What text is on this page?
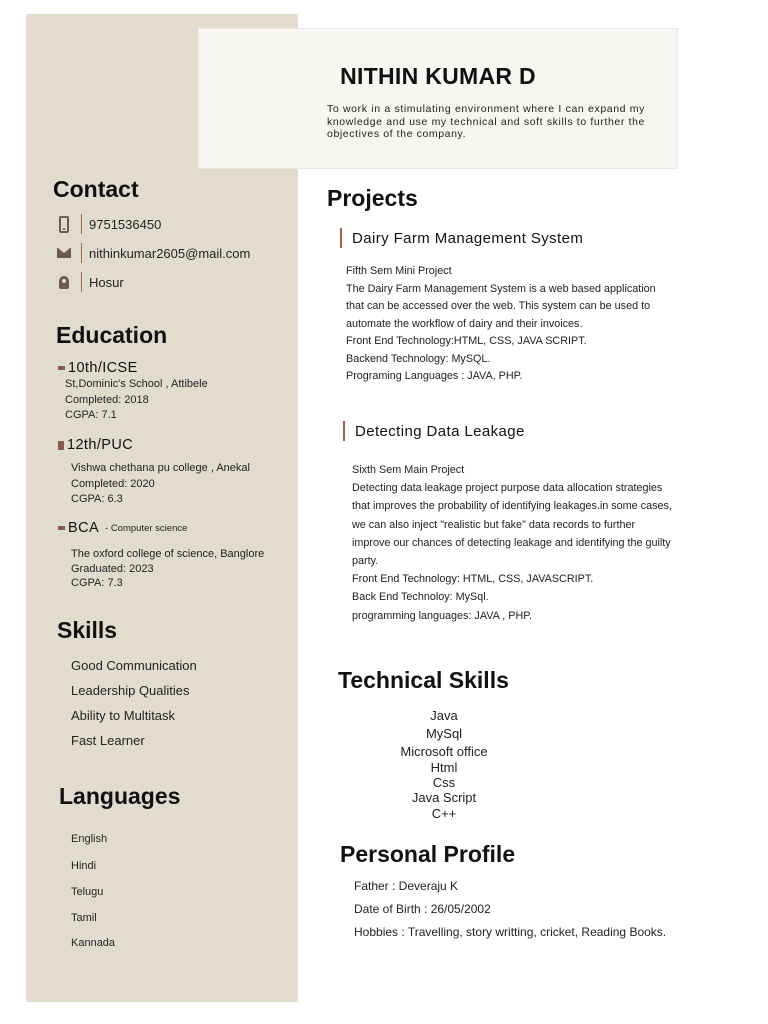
NITHIN KUMAR D
To work in a stimulating environment where I can expand my knowledge and use my technical and soft skills to further the objectives of the company.
Contact
9751536450
nithinkumar2605@mail.com
Hosur
Education
10th/ICSE
St,Dominic's School , Attibele
Completed: 2018
CGPA: 7.1
12th/PUC
Vishwa chethana pu college , Anekal
Completed: 2020
CGPA: 6.3
BCA - Computer science
The oxford college of science, Banglore
Graduated: 2023
CGPA: 7.3
Skills
Good Communication
Leadership Qualities
Ability to Multitask
Fast Learner
Languages
English
Hindi
Telugu
Tamil
Kannada
Projects
Dairy Farm Management System
Fifth Sem Mini Project
The Dairy Farm Management System is a web based application
that can be accessed over the web. This system can be used to
automate the workflow of dairy and their invoices.
Front End Technology:HTML, CSS, JAVA SCRIPT.
Backend Technology: MySQL.
Programing Languages : JAVA, PHP.
Detecting Data Leakage
Sixth Sem Main Project
Detecting data leakage project purpose data allocation strategies
that improves the probability of identifying leakages.in some cases,
we can also inject "realistic but fake" data records to further
improve our chances of detecting leakage and identifying the guilty
party.
Front End Technology: HTML, CSS, JAVASCRIPT.
Back End Technoloy: MySql.
programming languages: JAVA , PHP.
Technical Skills
Java
MySql
Microsoft office
Html
Css
Java Script
C++
Personal Profile
Father : Deveraju K
Date of Birth : 26/05/2002
Hobbies : Travelling, story writting, cricket, Reading Books.
